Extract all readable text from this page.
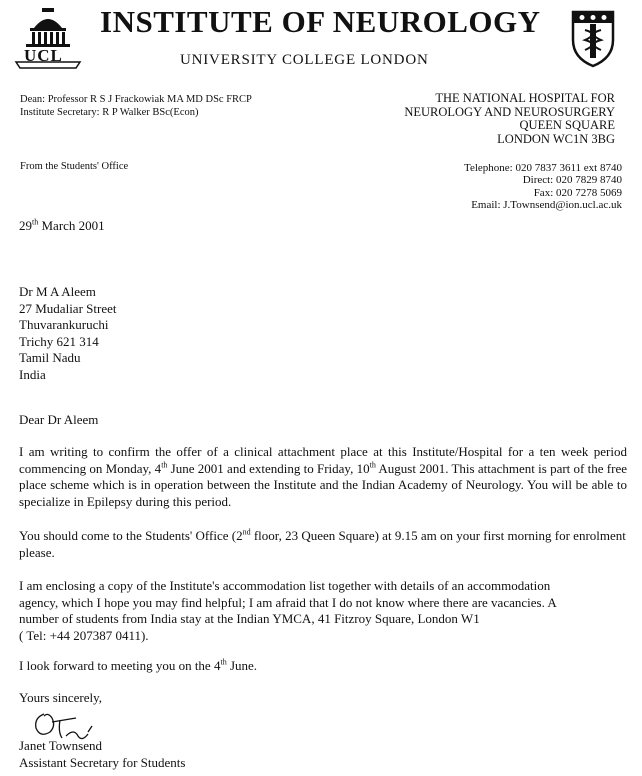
UCL
INSTITUTE OF NEUROLOGY
UNIVERSITY COLLEGE LONDON
Dean: Professor R S J Frackowiak MA MD DSc FRCP
Institute Secretary: R P Walker BSc(Econ)
THE NATIONAL HOSPITAL FOR
NEUROLOGY AND NEUROSURGERY
QUEEN SQUARE
LONDON WC1N 3BG
From the Students' Office	Telephone: 020 7837 3611 ext 8740
Direct: 020 7829 8740
Fax: 020 7278 5069
Email: J.Townsend@ion.ucl.ac.uk
29th March 2001
Dr M A Aleem
27 Mudaliar Street
Thuvarankuruchi
Trichy 621 314
Tamil Nadu
India
Dear Dr Aleem
I am writing to confirm the offer of a clinical attachment place at this Institute/Hospital for a ten week period commencing on Monday, 4th June 2001 and extending to Friday, 10th August 2001. This attachment is part of the free place scheme which is in operation between the Institute and the Indian Academy of Neurology. You will be able to specialize in Epilepsy during this period.
You should come to the Students' Office (2nd floor, 23 Queen Square) at 9.15 am on your first morning for enrolment please.
I am enclosing a copy of the Institute's accommodation list together with details of an accommodation
agency, which I hope you may find helpful; I am afraid that I do not know where there are vacancies. A
number of students from India stay at the Indian YMCA, 41 Fitzroy Square, London W1
( Tel: +44 207387 0411).
I look forward to meeting you on the 4th June.
Yours sincerely,
Janet Townsend
Assistant Secretary for Students
